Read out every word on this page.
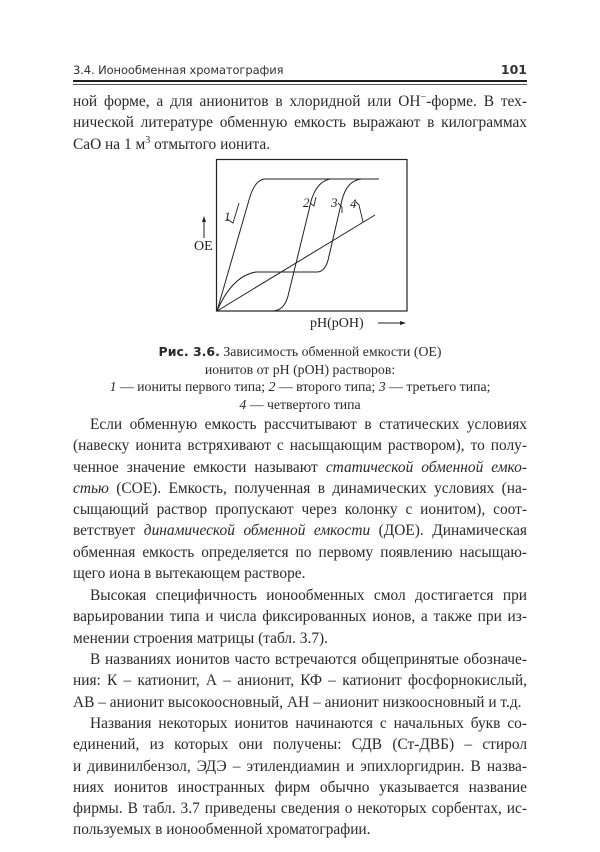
3.4. Ионообменная хроматография	101
ной форме, а для анионитов в хлоридной или OH−-форме. В тех-
нической литературе обменную емкость выражают в килограммах
CaO на 1 $м^3$ отмытого ионита.
1
2 3 4
OE
pH(pOH)
Рис. 3.6. Зависимость обменной емкости (ОЕ)
ионитов от pH (pOH) растворов:
1 — иониты первого типа; 2 — второго типа; 3 — третьего типа;
4 — четвертого типа
Если обменную емкость рассчитывают в статических условиях
(навеску ионита встряхивают с насыщающим раствором), то полу-
ченное значение емкости называют статической обменной емко-
стью (СОЕ). Емкость, полученная в динамических условиях (на-
сыщающий раствор пропускают через колонку с ионитом), соот-
ветствует динамической обменной емкости (ДОЕ). Динамическая
обменная емкость определяется по первому появлению насыщаю-
щего иона в вытекающем растворе.
Высокая специфичность ионообменных смол достигается при
варьировании типа и числа фиксированных ионов, а также при из-
менении строения матрицы (табл. 3.7).
В названиях ионитов часто встречаются общепринятые обозначе-
ния: К – катионит, А – анионит, КФ – катионит фосфорнокислый,
АВ – анионит высокоосновный, АН – анионит низкоосновный и т.д.
Названия некоторых ионитов начинаются с начальных букв со-
единений, из которых они получены: СДВ (Ст-ДВБ) – стирол
и дивинилбензол, ЭДЭ – этилендиамин и эпихлоргидрин. В назва-
ниях ионитов иностранных фирм обычно указывается название
фирмы. В табл. 3.7 приведены сведения о некоторых сорбентах, ис-
пользуемых в ионообменной хроматографии.
